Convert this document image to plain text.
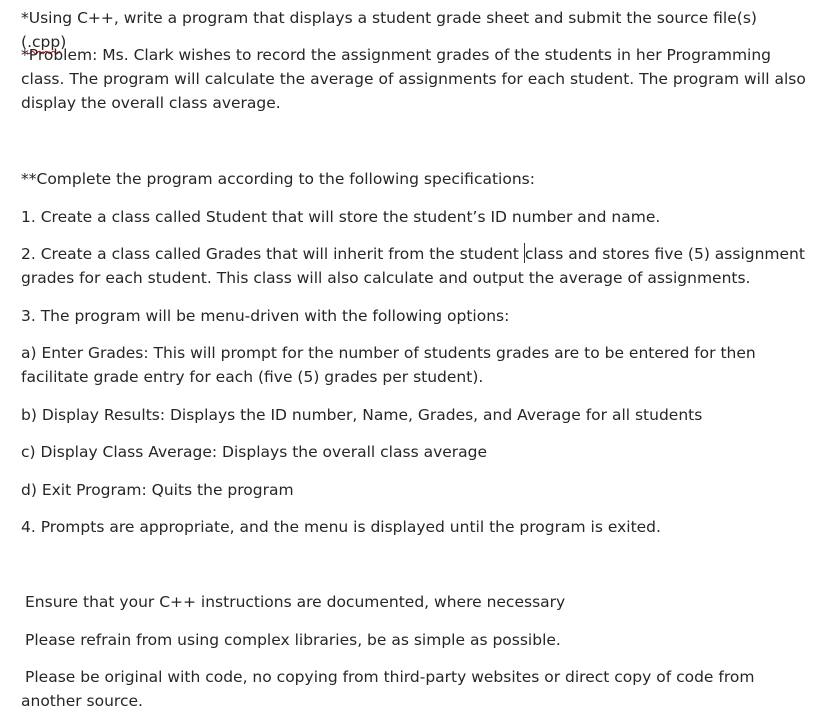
*Using C++, write a program that displays a student grade sheet and submit the source file(s) (.cpp)

*Problem: Ms. Clark wishes to record the assignment grades of the students in her Programming class. The program will calculate the average of assignments for each student. The program will also display the overall class average.

**Complete the program according to the following specifications:

1. Create a class called Student that will store the student’s ID number and name.

2. Create a class called Grades that will inherit from the student class and stores five (5) assignment grades for each student. This class will also calculate and output the average of assignments.

3. The program will be menu-driven with the following options:

a) Enter Grades: This will prompt for the number of students grades are to be entered for then facilitate grade entry for each (five (5) grades per student).

b) Display Results: Displays the ID number, Name, Grades, and Average for all students

c) Display Class Average: Displays the overall class average

d) Exit Program: Quits the program

4. Prompts are appropriate, and the menu is displayed until the program is exited.

Ensure that your C++ instructions are documented, where necessary

Please refrain from using complex libraries, be as simple as possible.

Please be original with code, no copying from third-party websites or direct copy of code from another source.
